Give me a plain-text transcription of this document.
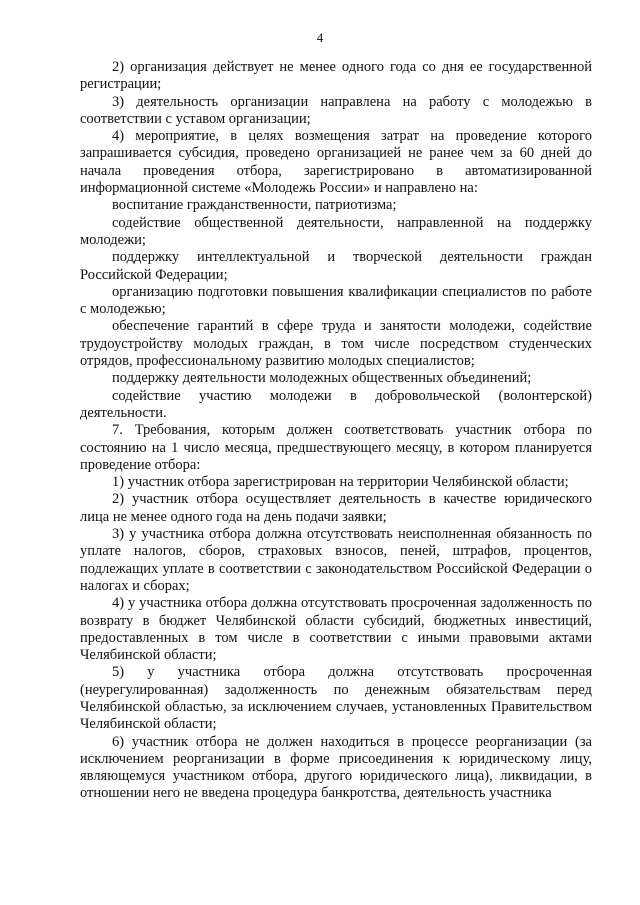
4

2) организация действует не менее одного года со дня ее государственной регистрации;

3) деятельность организации направлена на работу с молодежью в соответствии с уставом организации;

4) мероприятие, в целях возмещения затрат на проведение которого запрашивается субсидия, проведено организацией не ранее чем за 60 дней до начала проведения отбора, зарегистрировано в автоматизированной информационной системе «Молодежь России» и направлено на:

воспитание гражданственности, патриотизма;

содействие общественной деятельности, направленной на поддержку молодежи;

поддержку интеллектуальной и творческой деятельности граждан Российской Федерации;

организацию подготовки повышения квалификации специалистов по работе с молодежью;

обеспечение гарантий в сфере труда и занятости молодежи, содействие трудоустройству молодых граждан, в том числе посредством студенческих отрядов, профессиональному развитию молодых специалистов;

поддержку деятельности молодежных общественных объединений;

содействие участию молодежи в добровольческой (волонтерской) деятельности.

7. Требования, которым должен соответствовать участник отбора по состоянию на 1 число месяца, предшествующего месяцу, в котором планируется проведение отбора:

1) участник отбора зарегистрирован на территории Челябинской области;

2) участник отбора осуществляет деятельность в качестве юридического лица не менее одного года на день подачи заявки;

3) у участника отбора должна отсутствовать неисполненная обязанность по уплате налогов, сборов, страховых взносов, пеней, штрафов, процентов, подлежащих уплате в соответствии с законодательством Российской Федерации о налогах и сборах;

4) у участника отбора должна отсутствовать просроченная задолженность по возврату в бюджет Челябинской области субсидий, бюджетных инвестиций, предоставленных в том числе в соответствии с иными правовыми актами Челябинской области;

5) у участника отбора должна отсутствовать просроченная (неурегулированная) задолженность по денежным обязательствам перед Челябинской областью, за исключением случаев, установленных Правительством Челябинской области;

6) участник отбора не должен находиться в процессе реорганизации (за исключением реорганизации в форме присоединения к юридическому лицу, являющемуся участником отбора, другого юридического лица), ликвидации, в отношении него не введена процедура банкротства, деятельность участника
